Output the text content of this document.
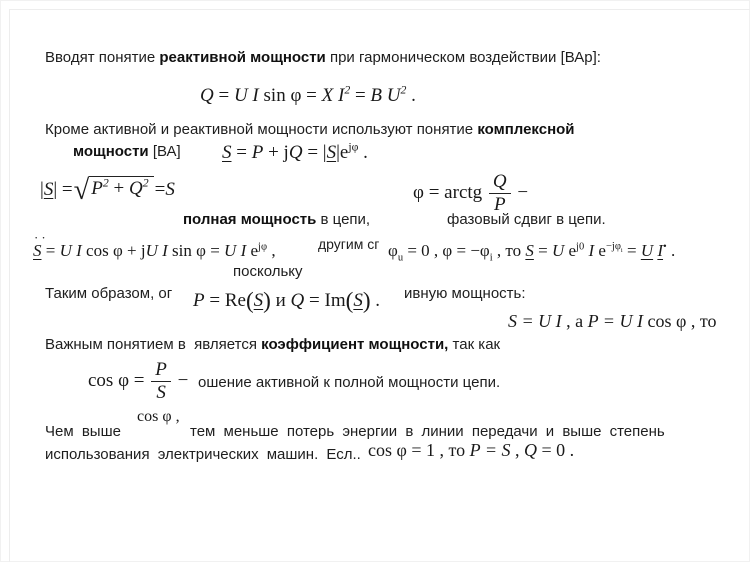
Вводят понятие реактивной мощности при гармоническом воздействии [ВАр]:
Q = U I sin φ = X $I^2 = B$ $U^2$ .
Кроме активной и реактивной мощности используют понятие комплексной
мощности [ВА] S = P + jQ = $|S|e^{j\varphi}$ .
| S | = √ $P^2 + Q^2 = S$	φ = arctg $\frac{Q}{P}$ −
полная мощность в цепи,	фазовый сдвиг в цепи.
··
S = U I cos φ + jU I sin φ = U I $e^{j\varphi}$ ,	другим сг $\varphi_u = 0$ , $\varphi = -\varphi_i$ , то S = U $e^{j0}$ I $e^{-j\varphi_i} = U$ I• .
поскольку
Таким образом, ог P = Re(S) и Q = Im(S) . ивную мощность:
S = U I , а P = U I cos φ , то
Важным понятием в  является коэффициент мощности, так как
$\cos \varphi = \frac{P}{S}$ − ошение активной к полной мощности цепи.
Чем выше
cos φ ,
тем меньше потерь энергии в линии передачи и выше степень
использования электрических машин. Есл.. cos φ = 1 , то P = S , Q = 0 .
